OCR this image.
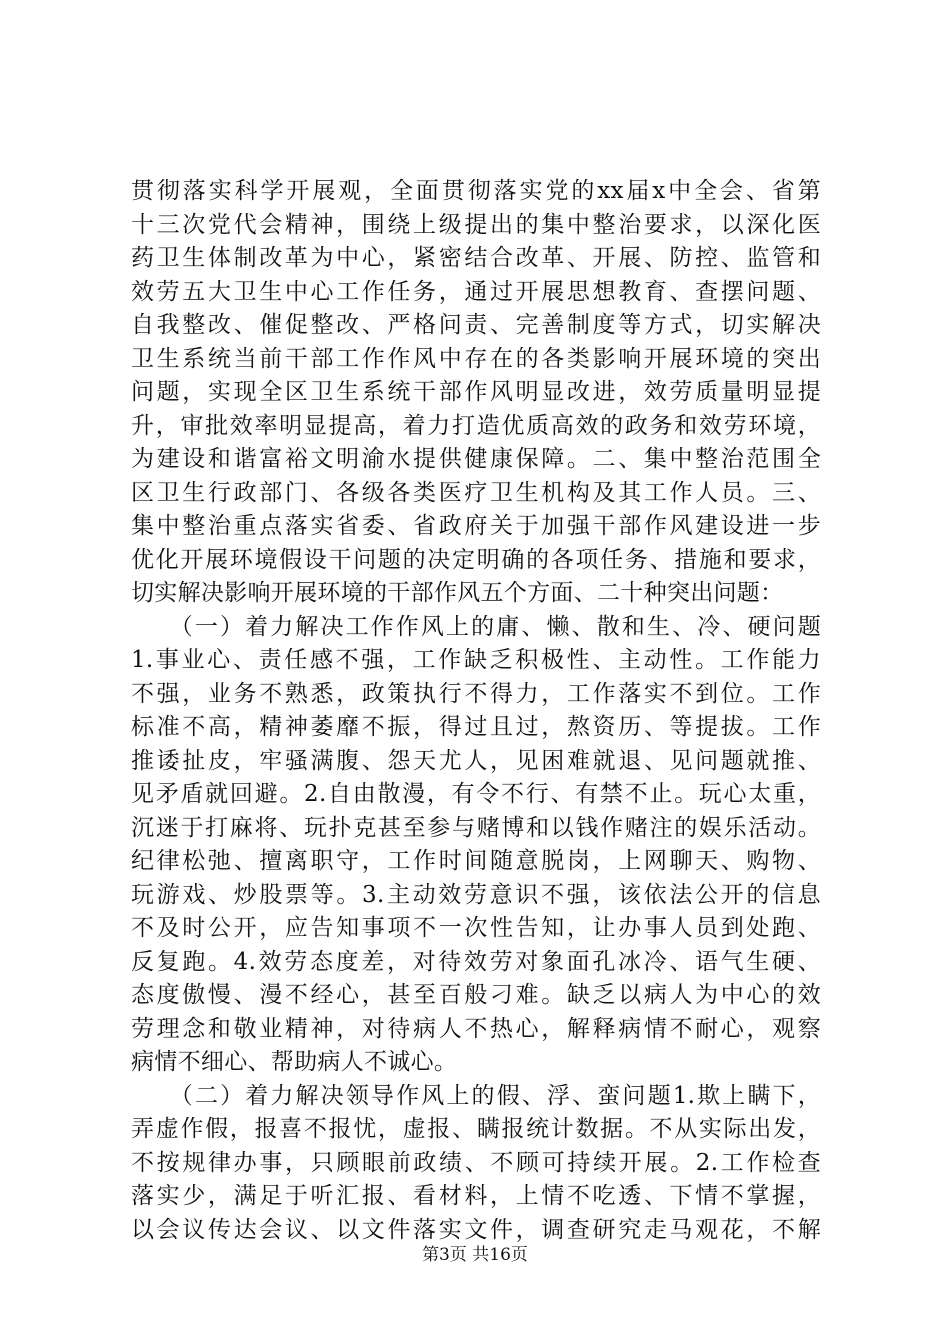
贯彻落实科学开展观，全面贯彻落实党的xx届x中全会、省第
十三次党代会精神，围绕上级提出的集中整治要求，以深化医
药卫生体制改革为中心，紧密结合改革、开展、防控、监管和
效劳五大卫生中心工作任务，通过开展思想教育、查摆问题、
自我整改、催促整改、严格问责、完善制度等方式，切实解决
卫生系统当前干部工作作风中存在的各类影响开展环境的突出
问题，实现全区卫生系统干部作风明显改进，效劳质量明显提
升，审批效率明显提高，着力打造优质高效的政务和效劳环境，
为建设和谐富裕文明渝水提供健康保障。二、集中整治范围全
区卫生行政部门、各级各类医疗卫生机构及其工作人员。三、
集中整治重点落实省委、省政府关于加强干部作风建设进一步
优化开展环境假设干问题的决定明确的各项任务、措施和要求，
切实解决影响开展环境的干部作风五个方面、二十种突出问题：
　　（一）着力解决工作作风上的庸、懒、散和生、冷、硬问题
1.事业心、责任感不强，工作缺乏积极性、主动性。工作能力
不强，业务不熟悉，政策执行不得力，工作落实不到位。工作
标准不高，精神萎靡不振，得过且过，熬资历、等提拔。工作
推诿扯皮，牢骚满腹、怨天尤人，见困难就退、见问题就推、
见矛盾就回避。2.自由散漫，有令不行、有禁不止。玩心太重，
沉迷于打麻将、玩扑克甚至参与赌博和以钱作赌注的娱乐活动。
纪律松弛、擅离职守，工作时间随意脱岗，上网聊天、购物、
玩游戏、炒股票等。3.主动效劳意识不强，该依法公开的信息
不及时公开，应告知事项不一次性告知，让办事人员到处跑、
反复跑。4.效劳态度差，对待效劳对象面孔冰冷、语气生硬、
态度傲慢、漫不经心，甚至百般刁难。缺乏以病人为中心的效
劳理念和敬业精神，对待病人不热心，解释病情不耐心，观察
病情不细心、帮助病人不诚心。
　　（二）着力解决领导作风上的假、浮、蛮问题1.欺上瞒下，
弄虚作假，报喜不报忧，虚报、瞒报统计数据。不从实际出发，
不按规律办事，只顾眼前政绩、不顾可持续开展。2.工作检查
落实少，满足于听汇报、看材料，上情不吃透、下情不掌握，
以会议传达会议、以文件落实文件，调查研究走马观花，不解
第3页 共16页
